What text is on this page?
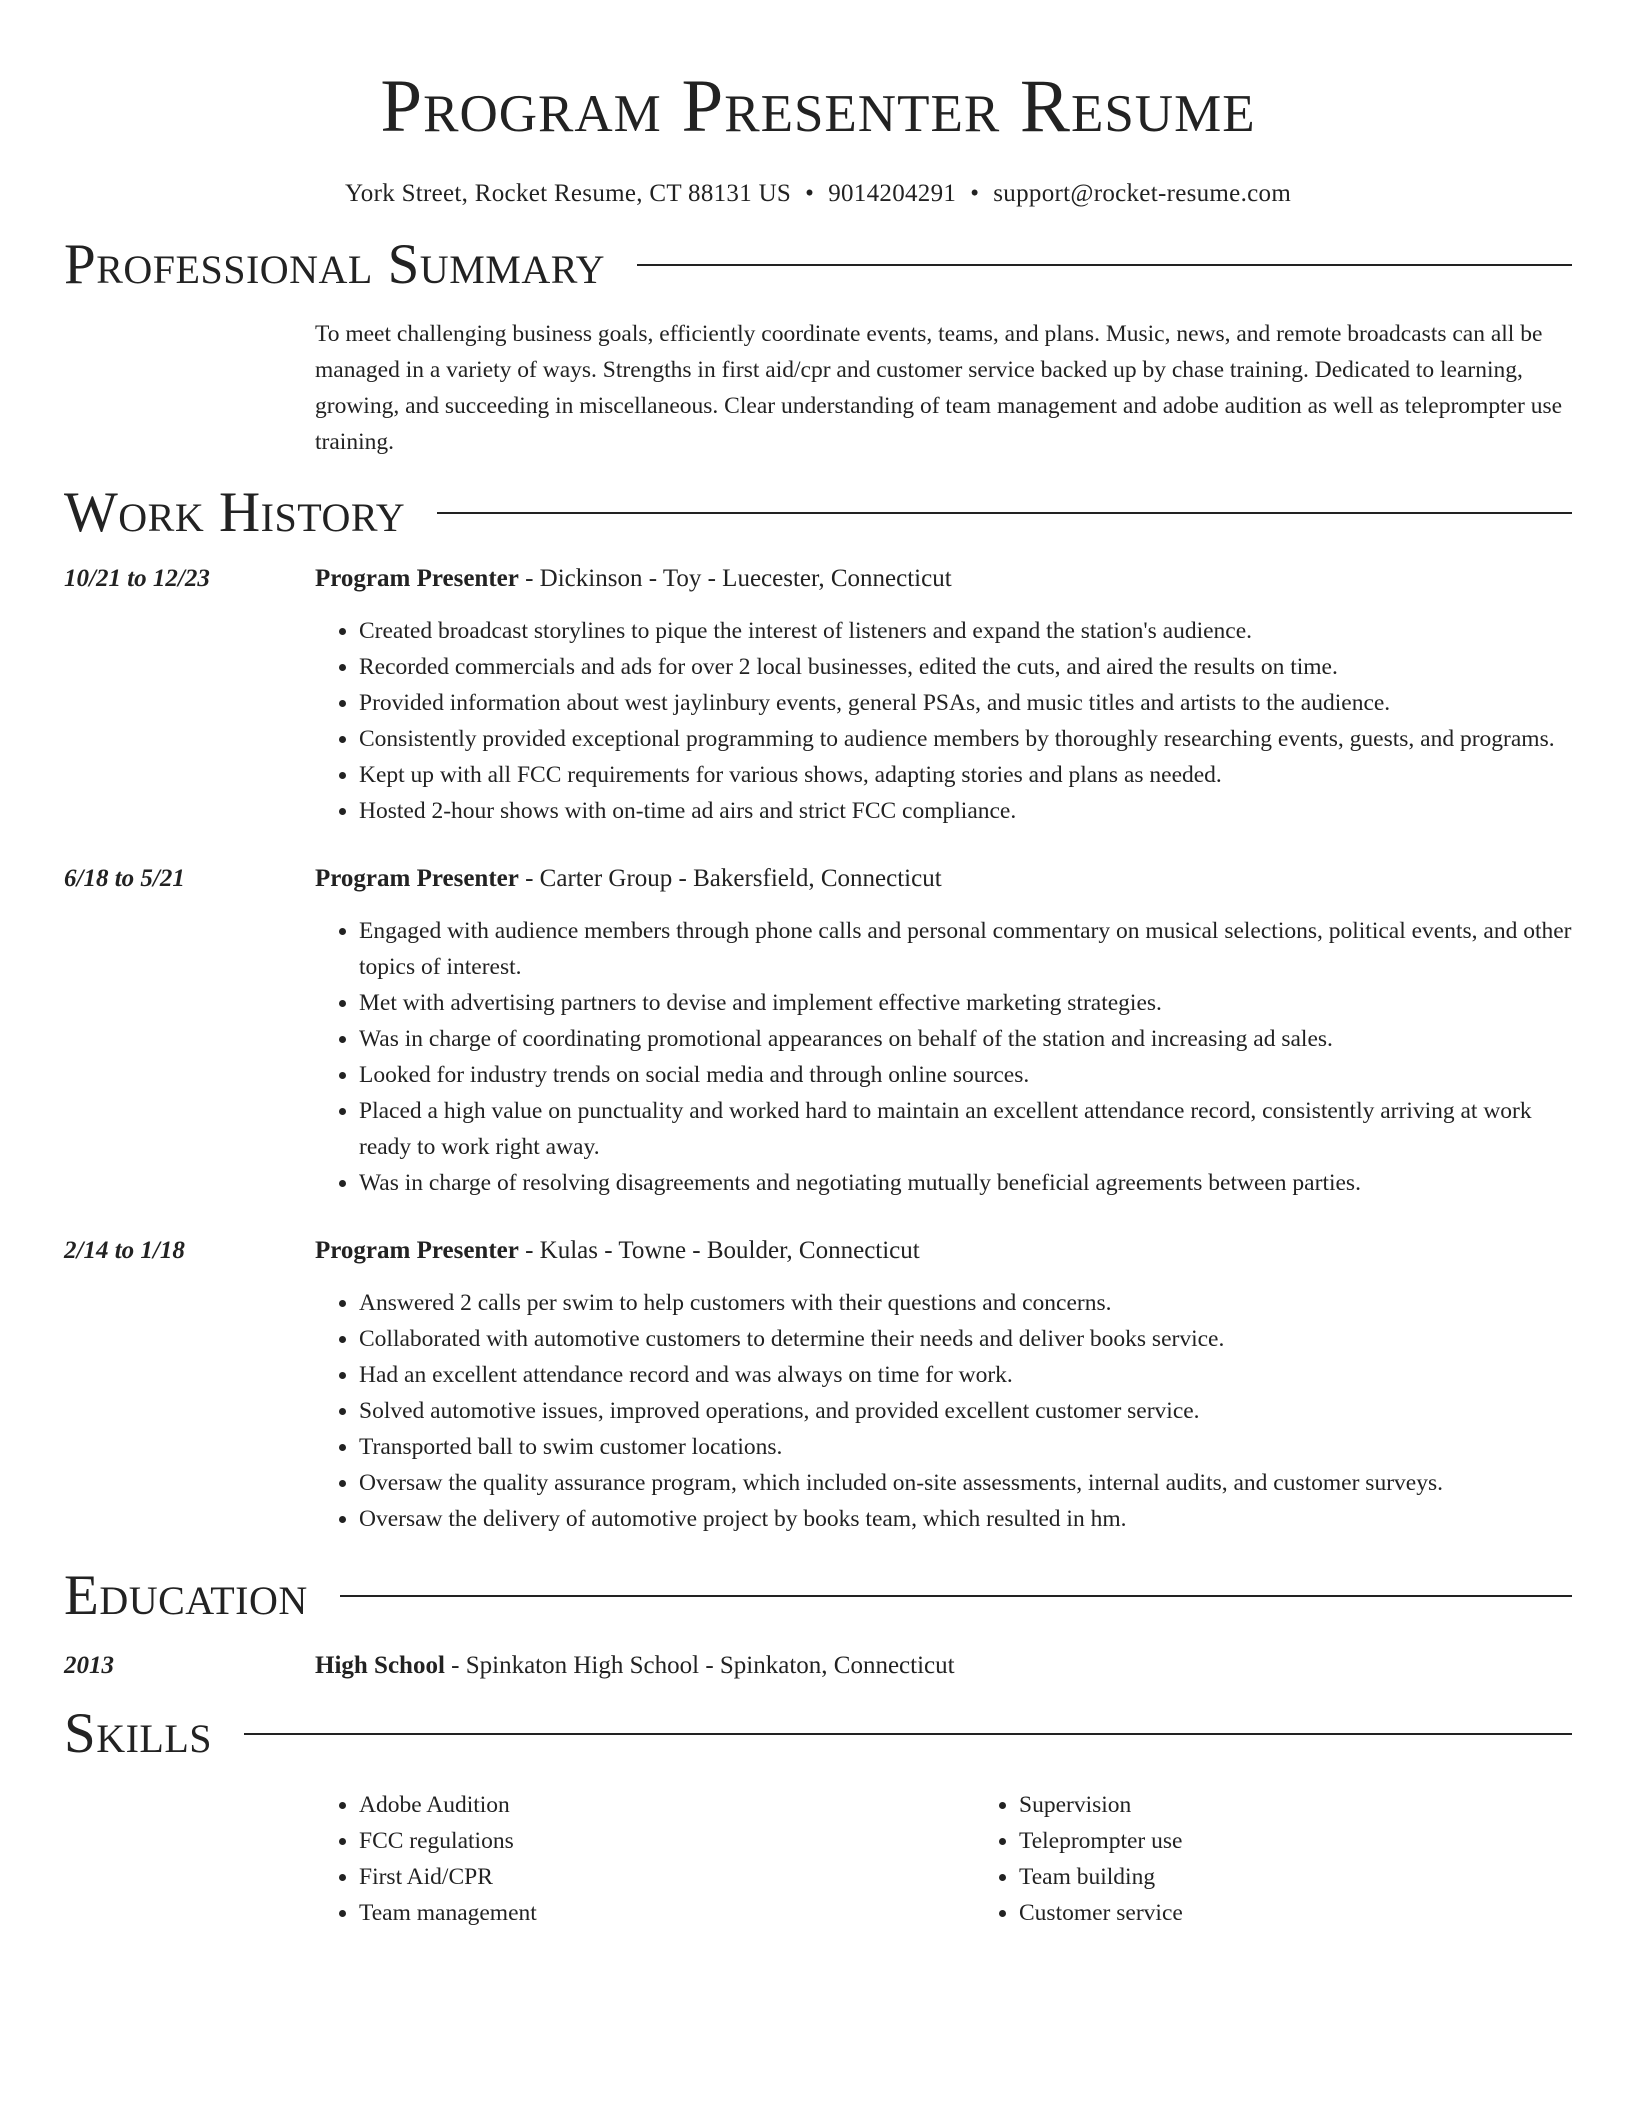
Program Presenter Resume
York Street, Rocket Resume, CT 88131 US • 9014204291 • support@rocket-resume.com
Professional Summary
To meet challenging business goals, efficiently coordinate events, teams, and plans. Music, news, and remote broadcasts can all be managed in a variety of ways. Strengths in first aid/cpr and customer service backed up by chase training. Dedicated to learning, growing, and succeeding in miscellaneous. Clear understanding of team management and adobe audition as well as teleprompter use training.
Work History
10/21 to 12/23	Program Presenter - Dickinson - Toy - Luecester, Connecticut
• Created broadcast storylines to pique the interest of listeners and expand the station's audience.
• Recorded commercials and ads for over 2 local businesses, edited the cuts, and aired the results on time.
• Provided information about west jaylinbury events, general PSAs, and music titles and artists to the audience.
• Consistently provided exceptional programming to audience members by thoroughly researching events, guests, and programs.
• Kept up with all FCC requirements for various shows, adapting stories and plans as needed.
• Hosted 2-hour shows with on-time ad airs and strict FCC compliance.
6/18 to 5/21	Program Presenter - Carter Group - Bakersfield, Connecticut
• Engaged with audience members through phone calls and personal commentary on musical selections, political events, and other topics of interest.
• Met with advertising partners to devise and implement effective marketing strategies.
• Was in charge of coordinating promotional appearances on behalf of the station and increasing ad sales.
• Looked for industry trends on social media and through online sources.
• Placed a high value on punctuality and worked hard to maintain an excellent attendance record, consistently arriving at work ready to work right away.
• Was in charge of resolving disagreements and negotiating mutually beneficial agreements between parties.
2/14 to 1/18	Program Presenter - Kulas - Towne - Boulder, Connecticut
• Answered 2 calls per swim to help customers with their questions and concerns.
• Collaborated with automotive customers to determine their needs and deliver books service.
• Had an excellent attendance record and was always on time for work.
• Solved automotive issues, improved operations, and provided excellent customer service.
• Transported ball to swim customer locations.
• Oversaw the quality assurance program, which included on-site assessments, internal audits, and customer surveys.
• Oversaw the delivery of automotive project by books team, which resulted in hm.
Education
2013	High School - Spinkaton High School - Spinkaton, Connecticut
Skills
• Adobe Audition
• FCC regulations
• First Aid/CPR
• Team management
• Supervision
• Teleprompter use
• Team building
• Customer service
